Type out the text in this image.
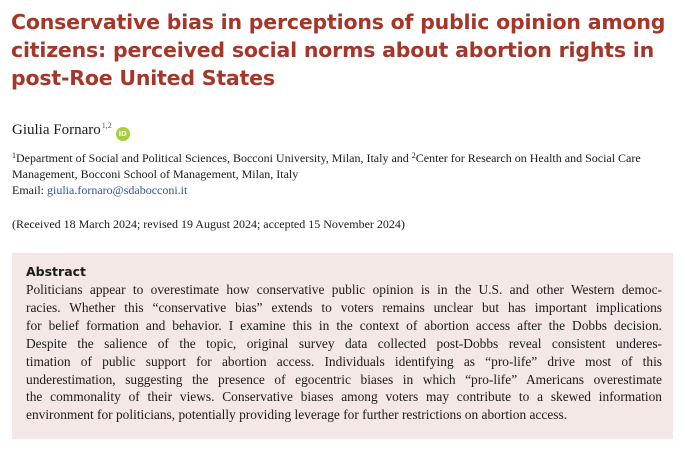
Conservative bias in perceptions of public opinion among citizens: perceived social norms about abortion rights in post-Roe United States
Giulia Fornaro$^{1,2}$iD
$^1$Department of Social and Political Sciences, Bocconi University, Milan, Italy and $^2$Center for Research on Health and Social Care Management, Bocconi School of Management, Milan, Italy
Email: giulia.fornaro@sdabocconi.it
(Received 18 March 2024; revised 19 August 2024; accepted 15 November 2024)
Abstract
Politicians appear to overestimate how conservative public opinion is in the U.S. and other Western democ-
racies. Whether this “conservative bias” extends to voters remains unclear but has important implications
for belief formation and behavior. I examine this in the context of abortion access after the Dobbs decision.
Despite the salience of the topic, original survey data collected post-Dobbs reveal consistent underes-
timation of public support for abortion access. Individuals identifying as “pro-life” drive most of this
underestimation, suggesting the presence of egocentric biases in which “pro-life” Americans overestimate
the commonality of their views. Conservative biases among voters may contribute to a skewed information
environment for politicians, potentially providing leverage for further restrictions on abortion access.
